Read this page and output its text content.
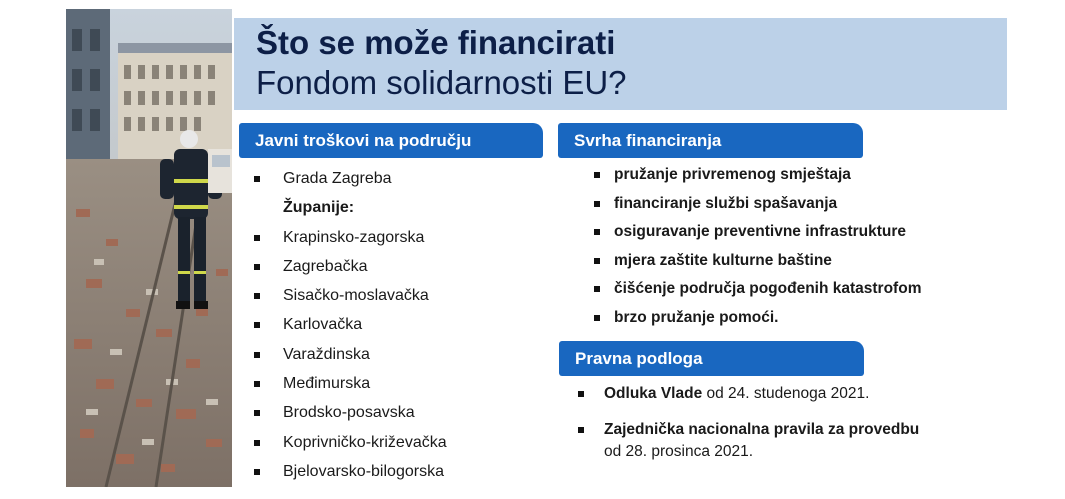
Što se može financirati
Fondom solidarnosti EU?
Javni troškovi na području
Grada Zagreba
Županije:
Krapinsko-zagorska
Zagrebačka
Sisačko-moslavačka
Karlovačka
Varaždinska
Međimurska
Brodsko-posavska
Koprivničko-križevačka
Bjelovarsko-bilogorska
Svrha financiranja
pružanje privremenog smještaja
financiranje službi spašavanja
osiguravanje preventivne infrastrukture
mjera zaštite kulturne baštine
čišćenje područja pogođenih katastrofom
brzo pružanje pomoći.
Pravna podloga
Odluka Vlade od 24. studenoga 2021.
Zajednička nacionalna pravila za provedbu
od 28. prosinca 2021.
